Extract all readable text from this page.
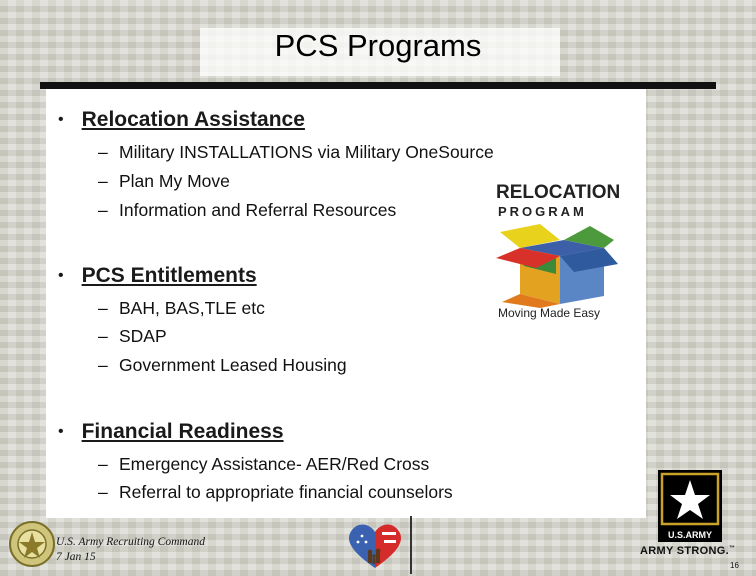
PCS Programs
• Relocation Assistance
– Military INSTALLATIONS via Military OneSource
– Plan My Move
– Information and Referral Resources
• PCS Entitlements
– BAH, BAS,TLE etc
– SDAP
– Government Leased Housing
• Financial Readiness
– Emergency Assistance- AER/Red Cross
– Referral to appropriate financial counselors
RELOCATION
PROGRAM
Moving Made Easy
U.S. Army Recruiting Command
7 Jan 15
U.S.ARMY
ARMY STRONG.™
16
